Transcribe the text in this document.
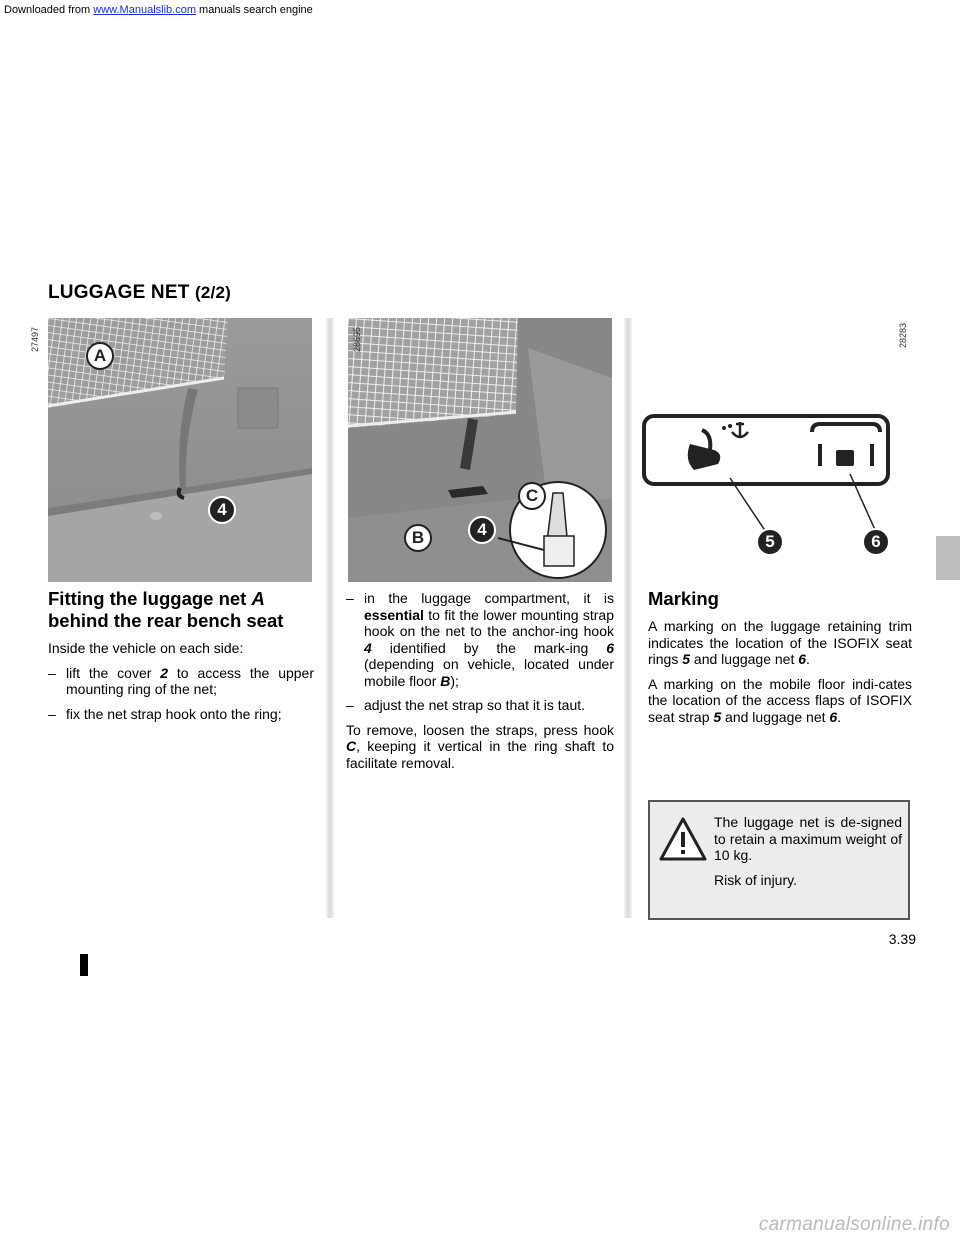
Downloaded from www.Manualslib.com manuals search engine
LUGGAGE NET (2/2)
A
4
27497
C
B	4
28695
5	6
28283
Fitting the luggage net A
behind the rear bench seat

Inside the vehicle on each side:

– lift the cover 2 to access the upper mounting ring of the net;
– fix the net strap hook onto the ring;
– in the luggage compartment, it is essential to fit the lower mounting strap hook on the net to the anchor-ing hook 4 identified by the mark-ing 6 (depending on vehicle, located under mobile floor B);
– adjust the net strap so that it is taut.

To remove, loosen the straps, press hook C, keeping it vertical in the ring shaft to facilitate removal.

Marking

A marking on the luggage retaining trim indicates the location of the ISOFIX seat rings 5 and luggage net 6.

A marking on the mobile floor indi-cates the location of the access flaps of ISOFIX seat strap 5 and luggage net 6.

The luggage net is de-signed to retain a maximum weight of 10 kg.

Risk of injury.

3.39
carmanualsonline.info
